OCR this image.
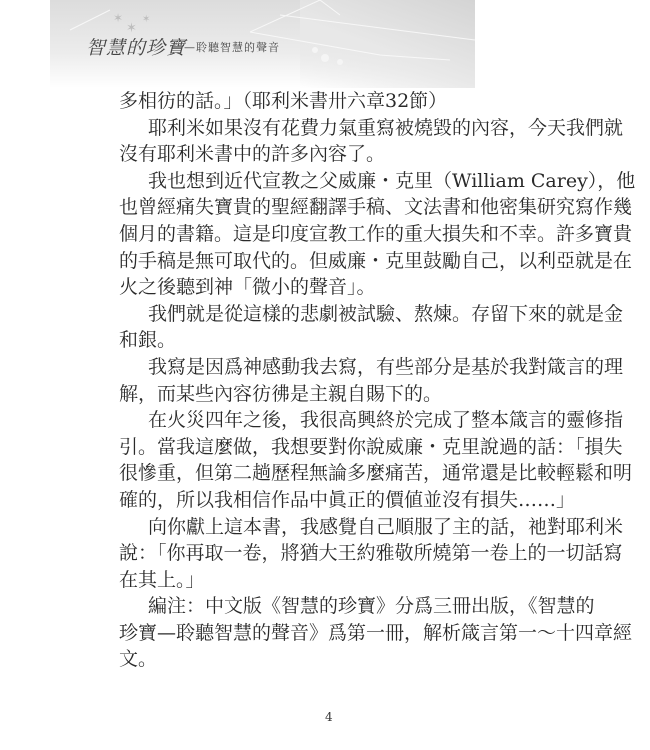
✶
✶
✶
智慧的珍寶
——聆聽智慧的聲音
多相彷的話。」（耶利米書卅六章32節）
耶利米如果沒有花費力氣重寫被燒毀的內容，今天我們就
沒有耶利米書中的許多內容了。
我也想到近代宣教之父威廉・克里（William Carey），他
也曾經痛失寶貴的聖經翻譯手稿、文法書和他密集研究寫作幾
個月的書籍。這是印度宣教工作的重大損失和不幸。許多寶貴
的手稿是無可取代的。但威廉・克里鼓勵自己，以利亞就是在
火之後聽到神「微小的聲音」。
我們就是從這樣的悲劇被試驗、熬煉。存留下來的就是金
和銀。
我寫是因爲神感動我去寫，有些部分是基於我對箴言的理
解，而某些內容彷彿是主親自賜下的。
在火災四年之後，我很高興終於完成了整本箴言的靈修指
引。當我這麼做，我想要對你說威廉・克里說過的話：「損失
很慘重，但第二趟歷程無論多麼痛苦，通常還是比較輕鬆和明
確的，所以我相信作品中眞正的價値並沒有損失……」
向你獻上這本書，我感覺自己順服了主的話，祂對耶利米
說：「你再取一卷，將猶大王約雅敬所燒第一卷上的一切話寫
在其上。」
編注：中文版《智慧的珍寶》分爲三冊出版，《智慧的
珍寶—聆聽智慧的聲音》爲第一冊，解析箴言第一～十四章經
文。
4
